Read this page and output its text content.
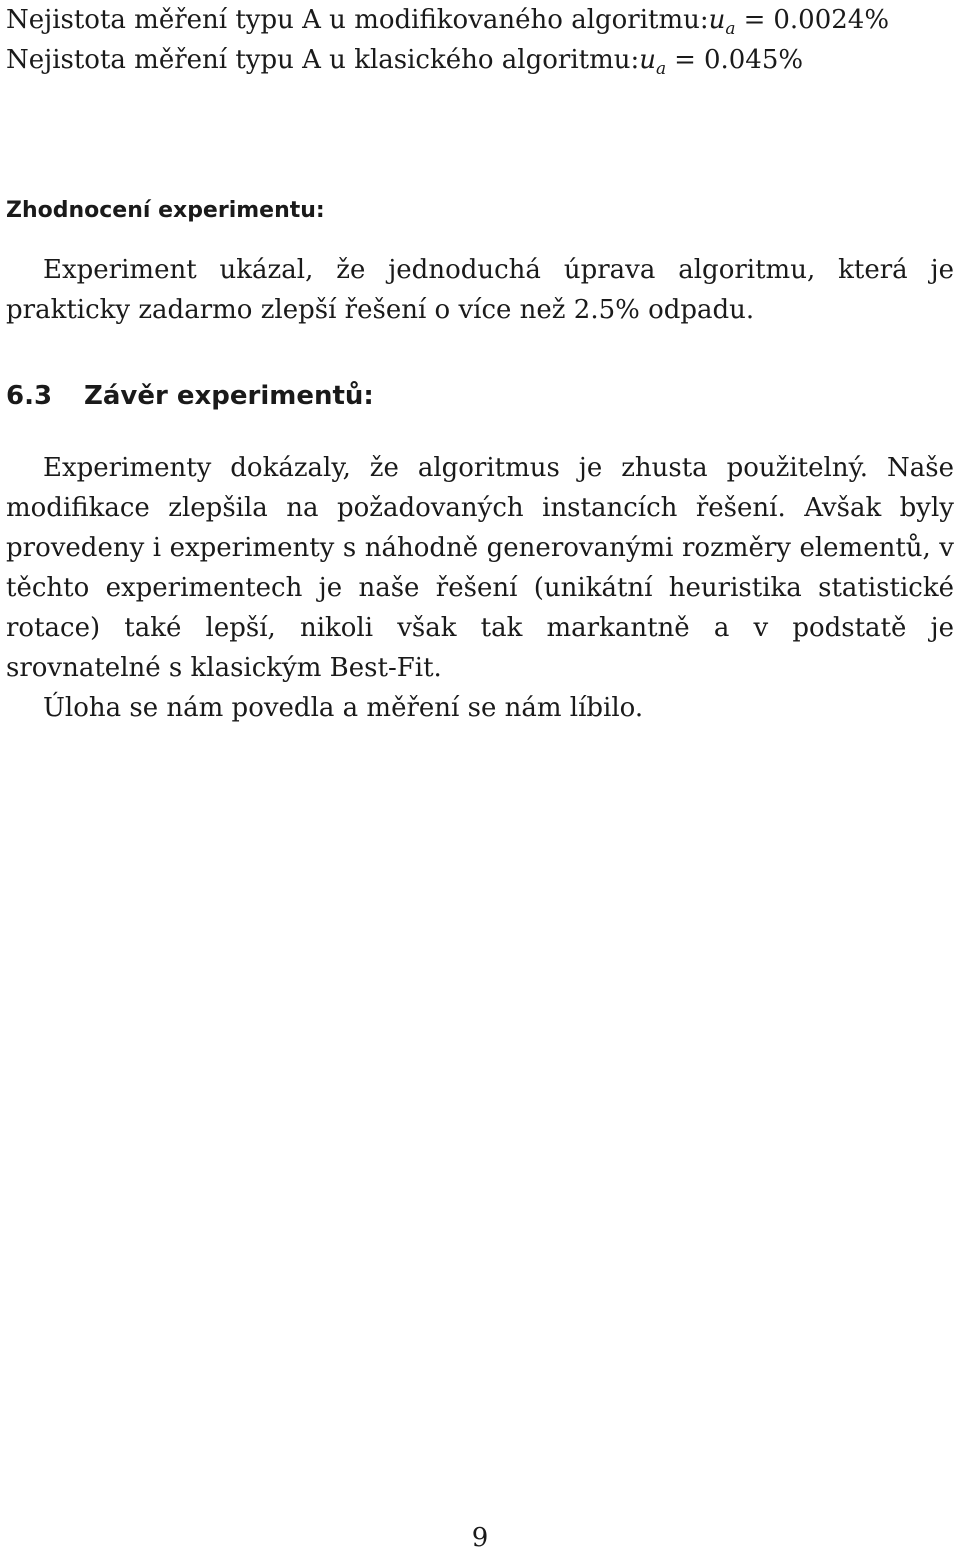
Nejistota měření typu A u modifikovaného $algoritmu:u_a = 0.0024\%$
Nejistota měření typu A u klasického $algoritmu:u_a = 0.045\%$
Zhodnocení experimentu:

Experiment ukázal, že jednoduchá úprava algoritmu, která je prakticky zadarmo zlepší řešení o více než 2.5% odpadu.

6.3 Závěr experimentů:

Experimenty dokázaly, že algoritmus je zhusta použitelný. Naše modifikace zlepšila na požadovaných instancích řešení. Avšak byly provedeny i experimenty s náhodně generovanými rozměry elementů, v těchto experimentech je naše řešení (unikátní heuristika statistické rotace) také lepší, nikoli však tak markantně a v podstatě je srovnatelné s klasickým Best-Fit.

Úloha se nám povedla a měření se nám líbilo.

9
